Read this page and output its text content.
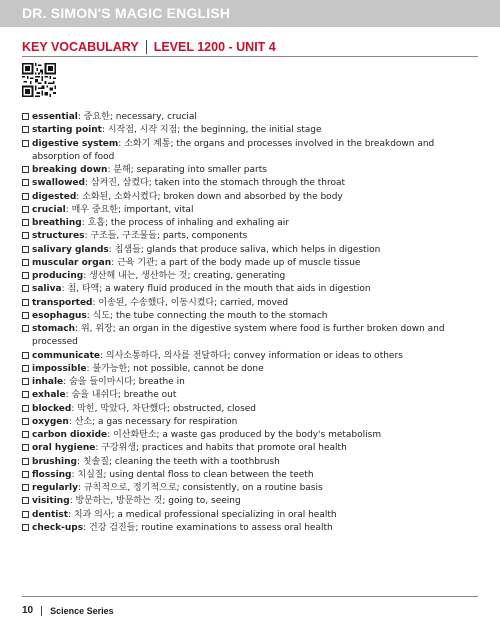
DR. SIMON'S MAGIC ENGLISH
KEY VOCABULARY LEVEL 1200 - UNIT 4
essential: 중요한; necessary, crucial
starting point: 시작점, 시작 지점; the beginning, the initial stage
digestive system: 소화기 계통; the organs and processes involved in the breakdown and absorption of food
breaking down: 분해; separating into smaller parts
swallowed: 삼켜진, 삼켰다; taken into the stomach through the throat
digested: 소화된, 소화시켰다; broken down and absorbed by the body
crucial: 매우 중요한; important, vital
breathing: 호흡; the process of inhaling and exhaling air
structures: 구조들, 구조물들; parts, components
salivary glands: 침샘들; glands that produce saliva, which helps in digestion
muscular organ: 근육 기관; a part of the body made up of muscle tissue
producing: 생산해 내는, 생산하는 것; creating, generating
saliva: 침, 타액; a watery fluid produced in the mouth that aids in digestion
transported: 이송된, 수송했다, 이동시켰다; carried, moved
esophagus: 식도; the tube connecting the mouth to the stomach
stomach: 위, 위장; an organ in the digestive system where food is further broken down and processed
communicate: 의사소통하다, 의사를 전달하다; convey information or ideas to others
impossible: 불가능한; not possible, cannot be done
inhale: 숨을 들이마시다; breathe in
exhale: 숨을 내쉬다; breathe out
blocked: 막힌, 막았다, 차단했다; obstructed, closed
oxygen: 산소; a gas necessary for respiration
carbon dioxide: 이산화탄소; a waste gas produced by the body's metabolism
oral hygiene: 구강위생; practices and habits that promote oral health
brushing: 칫솔질; cleaning the teeth with a toothbrush
flossing: 치실질; using dental floss to clean between the teeth
regularly: 규칙적으로, 정기적으로; consistently, on a routine basis
visiting: 방문하는, 방문하는 것; going to, seeing
dentist: 치과 의사; a medical professional specializing in oral health
check-ups: 건강 검진들; routine examinations to assess oral health
10 Science Series
